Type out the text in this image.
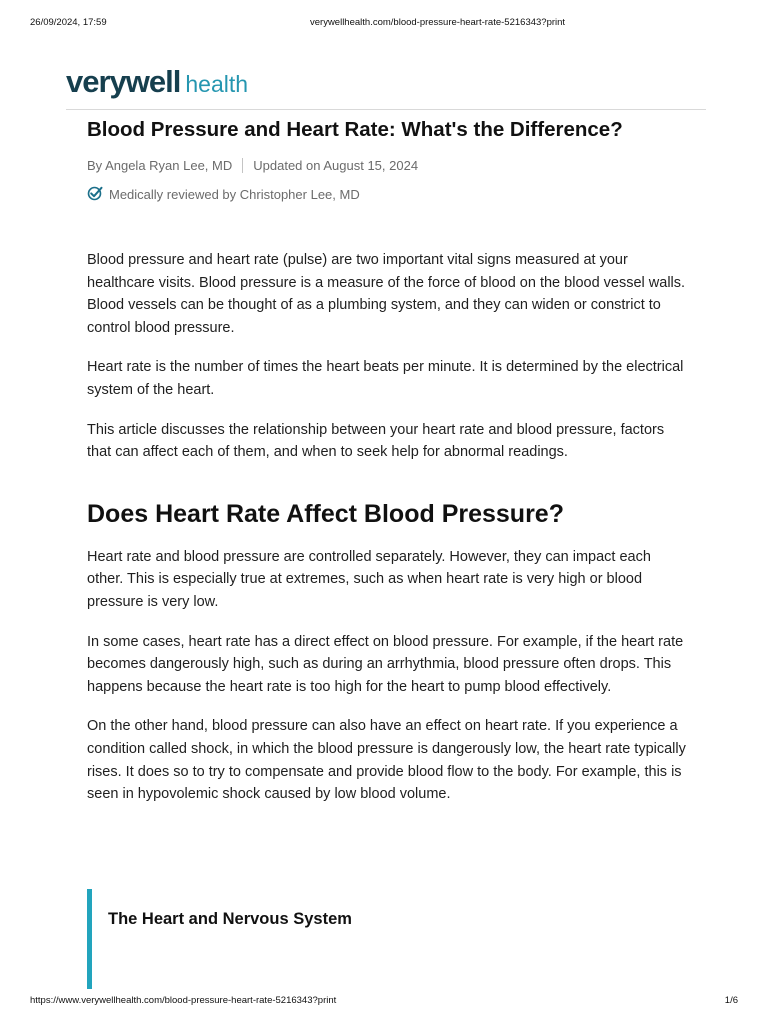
26/09/2024, 17:59	verywellhealth.com/blood-pressure-heart-rate-5216343?print
verywell health
Blood Pressure and Heart Rate: What's the Difference?
By Angela Ryan Lee, MD Updated on August 15, 2024
Medically reviewed by Christopher Lee, MD

Blood pressure and heart rate (pulse) are two important vital signs measured at your healthcare visits. Blood pressure is a measure of the force of blood on the blood vessel walls. Blood vessels can be thought of as a plumbing system, and they can widen or constrict to control blood pressure.

Heart rate is the number of times the heart beats per minute. It is determined by the electrical system of the heart.

This article discusses the relationship between your heart rate and blood pressure, factors that can affect each of them, and when to seek help for abnormal readings.

Does Heart Rate Affect Blood Pressure?

Heart rate and blood pressure are controlled separately. However, they can impact each other. This is especially true at extremes, such as when heart rate is very high or blood pressure is very low.

In some cases, heart rate has a direct effect on blood pressure. For example, if the heart rate becomes dangerously high, such as during an arrhythmia, blood pressure often drops. This happens because the heart rate is too high for the heart to pump blood effectively.

On the other hand, blood pressure can also have an effect on heart rate. If you experience a condition called shock, in which the blood pressure is dangerously low, the heart rate typically rises. It does so to try to compensate and provide blood flow to the body. For example, this is seen in hypovolemic shock caused by low blood volume.

The Heart and Nervous System
https://www.verywellhealth.com/blood-pressure-heart-rate-5216343?print	1/6
